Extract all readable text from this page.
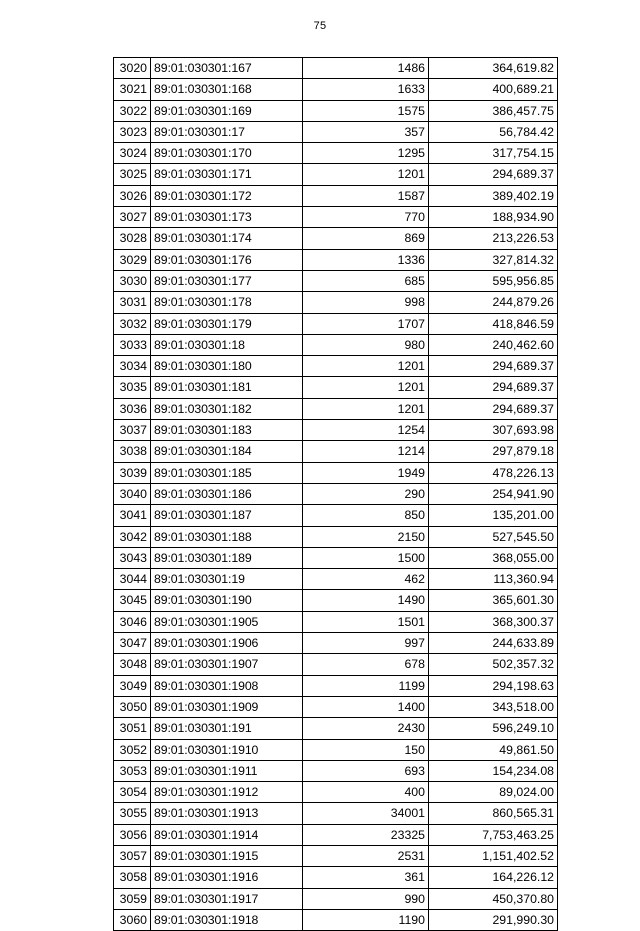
75
3020	89:01:030301:167	1486	364,619.82
3021	89:01:030301:168	1633	400,689.21
3022	89:01:030301:169	1575	386,457.75
3023	89:01:030301:17	357	56,784.42
3024	89:01:030301:170	1295	317,754.15
3025	89:01:030301:171	1201	294,689.37
3026	89:01:030301:172	1587	389,402.19
3027	89:01:030301:173	770	188,934.90
3028	89:01:030301:174	869	213,226.53
3029	89:01:030301:176	1336	327,814.32
3030	89:01:030301:177	685	595,956.85
3031	89:01:030301:178	998	244,879.26
3032	89:01:030301:179	1707	418,846.59
3033	89:01:030301:18	980	240,462.60
3034	89:01:030301:180	1201	294,689.37
3035	89:01:030301:181	1201	294,689.37
3036	89:01:030301:182	1201	294,689.37
3037	89:01:030301:183	1254	307,693.98
3038	89:01:030301:184	1214	297,879.18
3039	89:01:030301:185	1949	478,226.13
3040	89:01:030301:186	290	254,941.90
3041	89:01:030301:187	850	135,201.00
3042	89:01:030301:188	2150	527,545.50
3043	89:01:030301:189	1500	368,055.00
3044	89:01:030301:19	462	113,360.94
3045	89:01:030301:190	1490	365,601.30
3046	89:01:030301:1905	1501	368,300.37
3047	89:01:030301:1906	997	244,633.89
3048	89:01:030301:1907	678	502,357.32
3049	89:01:030301:1908	1199	294,198.63
3050	89:01:030301:1909	1400	343,518.00
3051	89:01:030301:191	2430	596,249.10
3052	89:01:030301:1910	150	49,861.50
3053	89:01:030301:1911	693	154,234.08
3054	89:01:030301:1912	400	89,024.00
3055	89:01:030301:1913	34001	860,565.31
3056	89:01:030301:1914	23325	7,753,463.25
3057	89:01:030301:1915	2531	1,151,402.52
3058	89:01:030301:1916	361	164,226.12
3059	89:01:030301:1917	990	450,370.80
3060	89:01:030301:1918	1190	291,990.30
